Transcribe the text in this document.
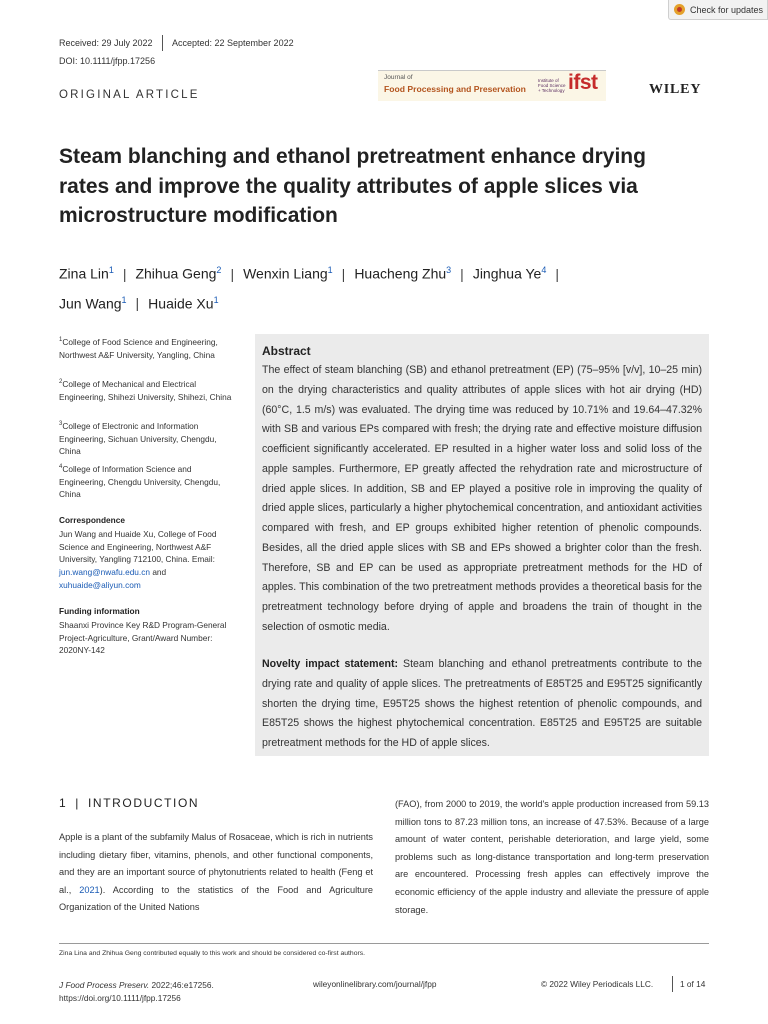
Check for updates
Received: 29 July 2022 Accepted: 22 September 2022
DOI: 10.1111/jfpp.17256
ORIGINAL ARTICLE
Journal of
Food Processing and Preservation
Institute of Food Science + Technology ifst	WILEY
Steam blanching and ethanol pretreatment enhance drying rates and improve the quality attributes of apple slices via microstructure modification
Zina Lin$^1$ | Zhihua Geng$^2$ | Wenxin Liang$^1$ | Huacheng Zhu$^3$ | Jinghua Ye$^4$ |
Jun Wang$^1$ | Huaide Xu$^1$
$^1$College of Food Science and Engineering, Northwest A&F University, Yangling, China
$^2$College of Mechanical and Electrical Engineering, Shihezi University, Shihezi, China
$^3$College of Electronic and Information Engineering, Sichuan University, Chengdu, China
$^4$College of Information Science and Engineering, Chengdu University, Chengdu, China
Correspondence
Jun Wang and Huaide Xu, College of Food Science and Engineering, Northwest A&F University, Yangling 712100, China. Email: jun.wang@nwafu.edu.cn and xuhuaide@aliyun.com
Funding information
Shaanxi Province Key R&D Program-General Project-Agriculture, Grant/Award Number: 2020NY-142
Abstract
The effect of steam blanching (SB) and ethanol pretreatment (EP) (75–95% [v/v], 10–25 min) on the drying characteristics and quality attributes of apple slices with hot air drying (HD) (60°C, 1.5 m/s) was evaluated. The drying time was reduced by 10.71% and 19.64–47.32% with SB and various EPs compared with fresh; the drying rate and effective moisture diffusion coefficient significantly accelerated. EP resulted in a higher water loss and solid loss of the apple samples. Furthermore, EP greatly affected the rehydration rate and microstructure of dried apple slices. In addition, SB and EP played a positive role in improving the quality of dried apple slices, particularly a higher phytochemical concentration, and antioxidant activities compared with fresh, and EP groups exhibited higher retention of phenolic compounds. Besides, all the dried apple slices with SB and EPs showed a brighter color than the fresh. Therefore, SB and EP can be used as appropriate pretreatment methods for the HD of apples. This combination of the two pretreatment methods provides a theoretical basis for the pretreatment technology before drying of apple and broadens the train of thought in the selection of osmotic media.
Novelty impact statement: Steam blanching and ethanol pretreatments contribute to the drying rate and quality of apple slices. The pretreatments of E85T25 and E95T25 significantly shorten the drying time, E95T25 shows the highest retention of phenolic compounds, and E85T25 shows the highest phytochemical concentration. E85T25 and E95T25 are suitable pretreatment methods for the HD of apple slices.
1 | INTRODUCTION
Apple is a plant of the subfamily Malus of Rosaceae, which is rich in nutrients including dietary fiber, vitamins, phenols, and other functional components, and they are an important source of phytonutrients related to health (Feng et al., 2021). According to the statistics of the Food and Agriculture Organization of the United Nations
(FAO), from 2000 to 2019, the world's apple production increased from 59.13 million tons to 87.23 million tons, an increase of 47.53%. Because of a large amount of water content, perishable deterioration, and large yield, some problems such as long-distance transportation and long-term preservation are encountered. Processing fresh apples can effectively improve the economic efficiency of the apple industry and alleviate the pressure of apple storage.
Zina Lina and Zhihua Geng contributed equally to this work and should be considered co-first authors.
J Food Process Preserv. 2022;46:e17256.
https://doi.org/10.1111/jfpp.17256
wileyonlinelibrary.com/journal/jfpp	© 2022 Wiley Periodicals LLC.	1 of 14
